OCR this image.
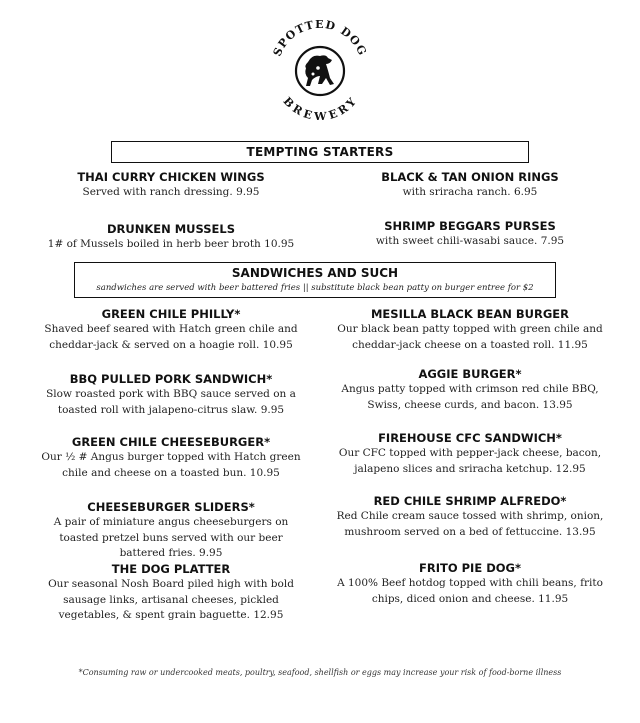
SPOTTED DOG
BREWERY
TEMPTING STARTERS
THAI CURRY CHICKEN WINGS
Served with ranch dressing. 9.95
BLACK & TAN ONION RINGS
with sriracha ranch. 6.95
DRUNKEN MUSSELS
1# of Mussels boiled in herb beer broth 10.95
SHRIMP BEGGARS PURSES
with sweet chili-wasabi sauce. 7.95
SANDWICHES AND SUCH
sandwiches are served with beer battered fries || substitute black bean patty on burger entree for $2
GREEN CHILE PHILLY*
Shaved beef seared with Hatch green chile and cheddar-jack & served on a hoagie roll. 10.95
BBQ PULLED PORK SANDWICH*
Slow roasted pork with BBQ sauce served on a toasted roll with jalapeno-citrus slaw. 9.95
GREEN CHILE CHEESEBURGER*
Our ½ # Angus burger topped with Hatch green chile and cheese on a toasted bun. 10.95
CHEESEBURGER SLIDERS*
A pair of miniature angus cheeseburgers on toasted pretzel buns served with our beer battered fries. 9.95
THE DOG PLATTER
Our seasonal Nosh Board piled high with bold sausage links, artisanal cheeses, pickled vegetables, & spent grain baguette. 12.95
MESILLA BLACK BEAN BURGER
Our black bean patty topped with green chile and cheddar-jack cheese on a toasted roll. 11.95
AGGIE BURGER*
Angus patty topped with crimson red chile BBQ, Swiss, cheese curds, and bacon. 13.95
FIREHOUSE CFC SANDWICH*
Our CFC topped with pepper-jack cheese, bacon, jalapeno slices and sriracha ketchup. 12.95
RED CHILE SHRIMP ALFREDO*
Red Chile cream sauce tossed with shrimp, onion, mushroom served on a bed of fettuccine. 13.95
FRITO PIE DOG*
A 100% Beef hotdog topped with chili beans, frito chips, diced onion and cheese. 11.95
*Consuming raw or undercooked meats, poultry, seafood, shellfish or eggs may increase your risk of food-borne illness
